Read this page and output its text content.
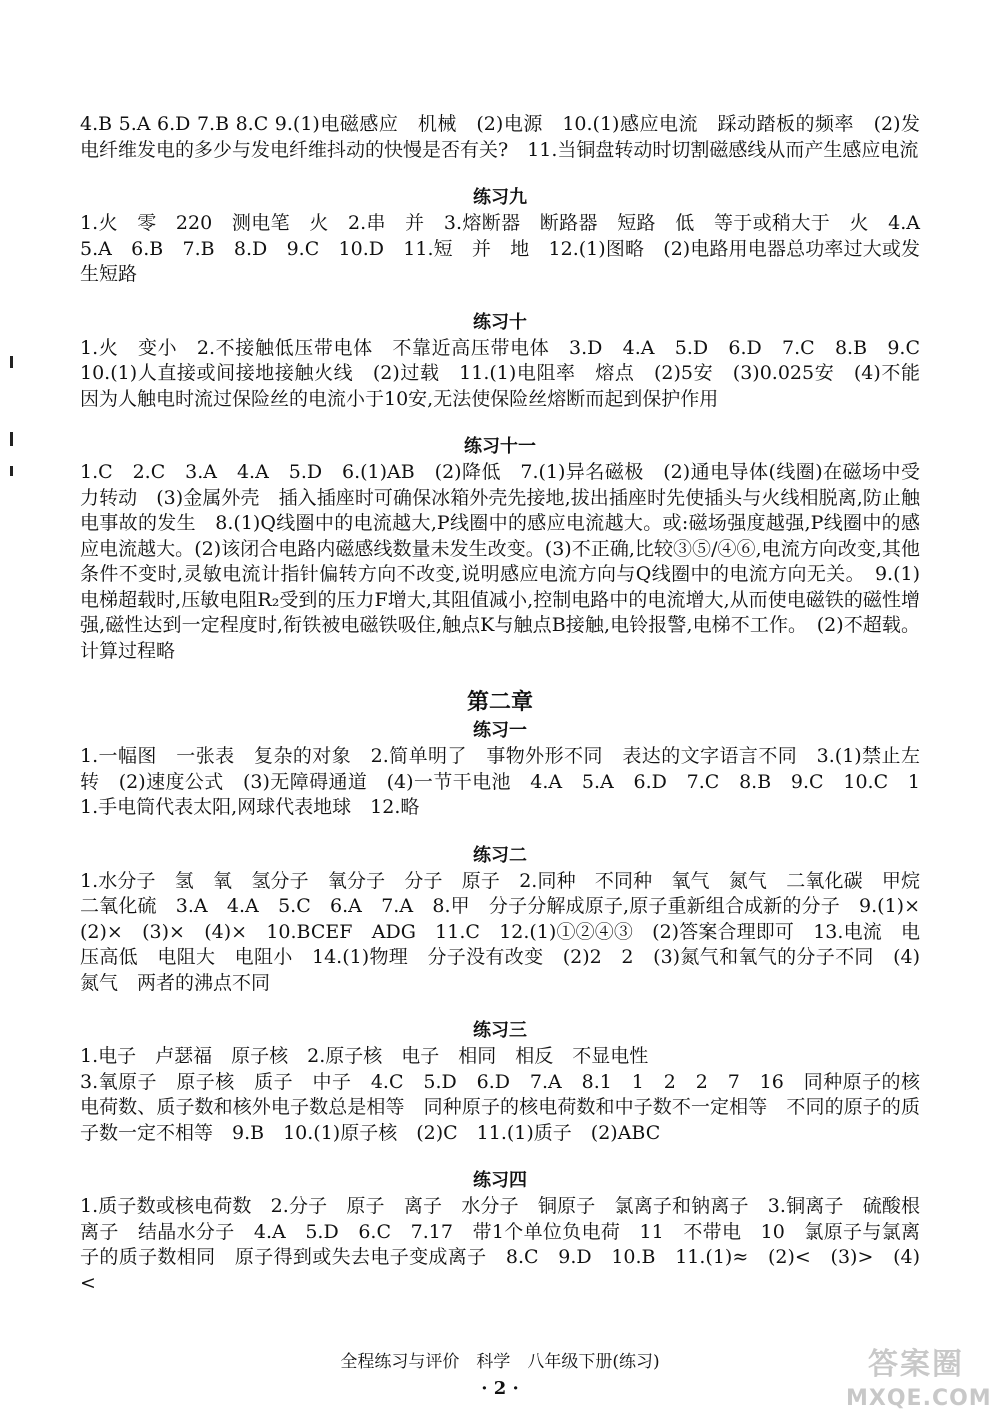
4.B 5.A 6.D 7.B 8.C 9.(1)电磁感应　机械　(2)电源　10.(1)感应电流　踩动踏板的频率　(2)发电纤维发电的多少与发电纤维抖动的快慢是否有关?　11.当铜盘转动时切割磁感线从而产生感应电流

练习九

1.火　零　220　测电笔　火　2.串　并　3.熔断器　断路器　短路　低　等于或稍大于　火　4.A　5.A　6.B　7.B　8.D　9.C　10.D　11.短　并　地　12.(1)图略　(2)电路用电器总功率过大或发生短路

练习十

1.火　变小　2.不接触低压带电体　不靠近高压带电体　3.D　4.A　5.D　6.D　7.C　8.B　9.C　10.(1)人直接或间接地接触火线　(2)过载　11.(1)电阻率　熔点　(2)5安　(3)0.025安　(4)不能　因为人触电时流过保险丝的电流小于10安,无法使保险丝熔断而起到保护作用

练习十一

1.C　2.C　3.A　4.A　5.D　6.(1)AB　(2)降低　7.(1)异名磁极　(2)通电导体(线圈)在磁场中受力转动　(3)金属外壳　插入插座时可确保冰箱外壳先接地,拔出插座时先使插头与火线相脱离,防止触电事故的发生　8.(1)Q线圈中的电流越大,P线圈中的感应电流越大。或:磁场强度越强,P线圈中的感应电流越大。(2)该闭合电路内磁感线数量未发生改变。(3)不正确,比较③⑤/④⑥,电流方向改变,其他条件不变时,灵敏电流计指针偏转方向不改变,说明感应电流方向与Q线圈中的电流方向无关。　9.(1)电梯超载时,压敏电阻R₂受到的压力F增大,其阻值减小,控制电路中的电流增大,从而使电磁铁的磁性增强,磁性达到一定程度时,衔铁被电磁铁吸住,触点K与触点B接触,电铃报警,电梯不工作。　(2)不超载。计算过程略

第二章
练习一

1.一幅图　一张表　复杂的对象　2.简单明了　事物外形不同　表达的文字语言不同　3.(1)禁止左转　(2)速度公式　(3)无障碍通道　(4)一节干电池　4.A　5.A　6.D　7.C　8.B　9.C　10.C　11.手电筒代表太阳,网球代表地球　12.略

练习二

1.水分子　氢　氧　氢分子　氧分子　分子　原子　2.同种　不同种　氧气　氮气　二氧化碳　甲烷　二氧化硫　3.A　4.A　5.C　6.A　7.A　8.甲　分子分解成原子,原子重新组合成新的分子　9.(1)×　(2)×　(3)×　(4)×　10.BCEF　ADG　11.C　12.(1)①②④③　(2)答案合理即可　13.电流　电压高低　电阻大　电阻小　14.(1)物理　分子没有改变　(2)2　2　(3)氮气和氧气的分子不同　(4)氮气　两者的沸点不同

练习三

1.电子　卢瑟福　原子核　2.原子核　电子　相同　相反　不显电性

3.氧原子　原子核　质子　中子　4.C　5.D　6.D　7.A　8.1　1　2　2　7　16　同种原子的核电荷数、质子数和核外电子数总是相等　同种原子的核电荷数和中子数不一定相等　不同的原子的质子数一定不相等　9.B　10.(1)原子核　(2)C　11.(1)质子　(2)ABC

练习四

1.质子数或核电荷数　2.分子　原子　离子　水分子　铜原子　氯离子和钠离子　3.铜离子　硫酸根离子　结晶水分子　4.A　5.D　6.C　7.17　带1个单位负电荷　11　不带电　10　氯原子与氯离子的质子数相同　原子得到或失去电子变成离子　8.C　9.D　10.B　11.(1)≈　(2)<　(3)>　(4)<

全程练习与评价　科学　八年级下册(练习)
· 2 ·
答案圈
MXQE.COM
